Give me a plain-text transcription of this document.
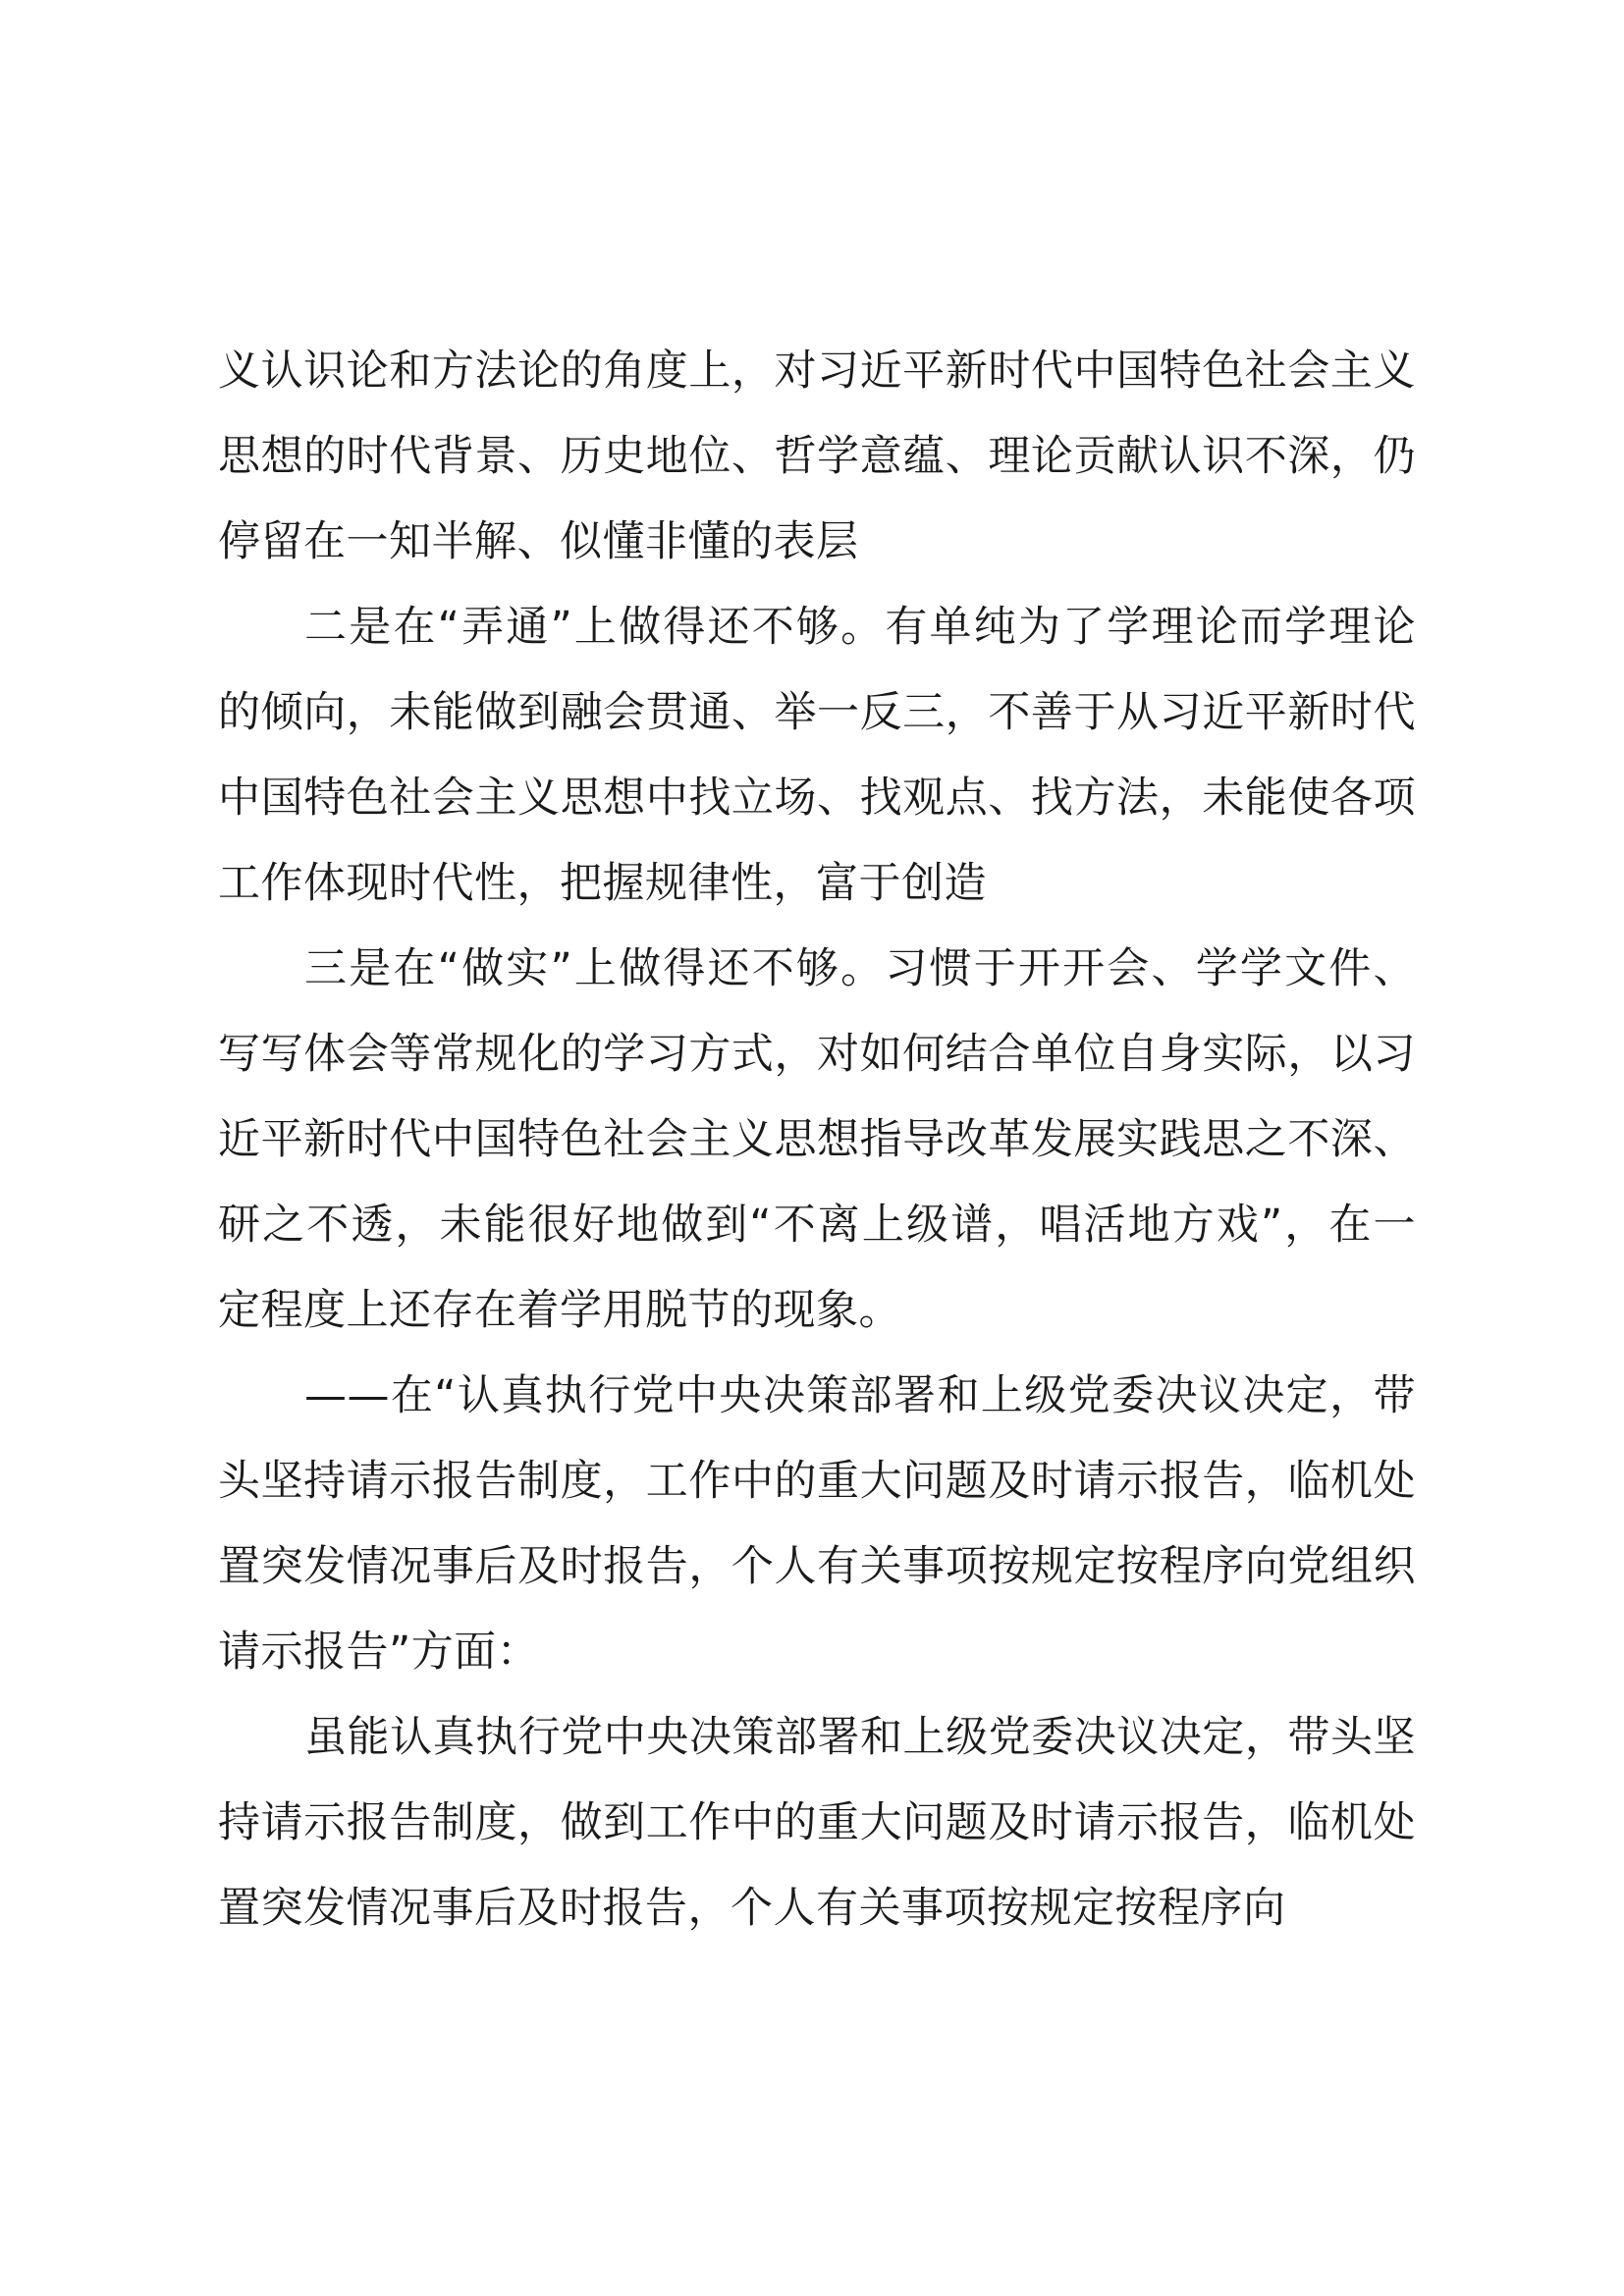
义认识论和方法论的角度上，对习近平新时代中国特色社会主义思想的时代背景、历史地位、哲学意蕴、理论贡献认识不深，仍停留在一知半解、似懂非懂的表层

二是在“弄通”上做得还不够。有单纯为了学理论而学理论的倾向，未能做到融会贯通、举一反三，不善于从习近平新时代中国特色社会主义思想中找立场、找观点、找方法，未能使各项工作体现时代性，把握规律性，富于创造

三是在“做实”上做得还不够。习惯于开开会、学学文件、写写体会等常规化的学习方式，对如何结合单位自身实际，以习近平新时代中国特色社会主义思想指导改革发展实践思之不深、研之不透，未能很好地做到“不离上级谱，唱活地方戏”，在一定程度上还存在着学用脱节的现象。

——在“认真执行党中央决策部署和上级党委决议决定，带头坚持请示报告制度，工作中的重大问题及时请示报告，临机处置突发情况事后及时报告，个人有关事项按规定按程序向党组织请示报告”方面：

虽能认真执行党中央决策部署和上级党委决议决定，带头坚持请示报告制度，做到工作中的重大问题及时请示报告，临机处置突发情况事后及时报告，个人有关事项按规定按程序向
